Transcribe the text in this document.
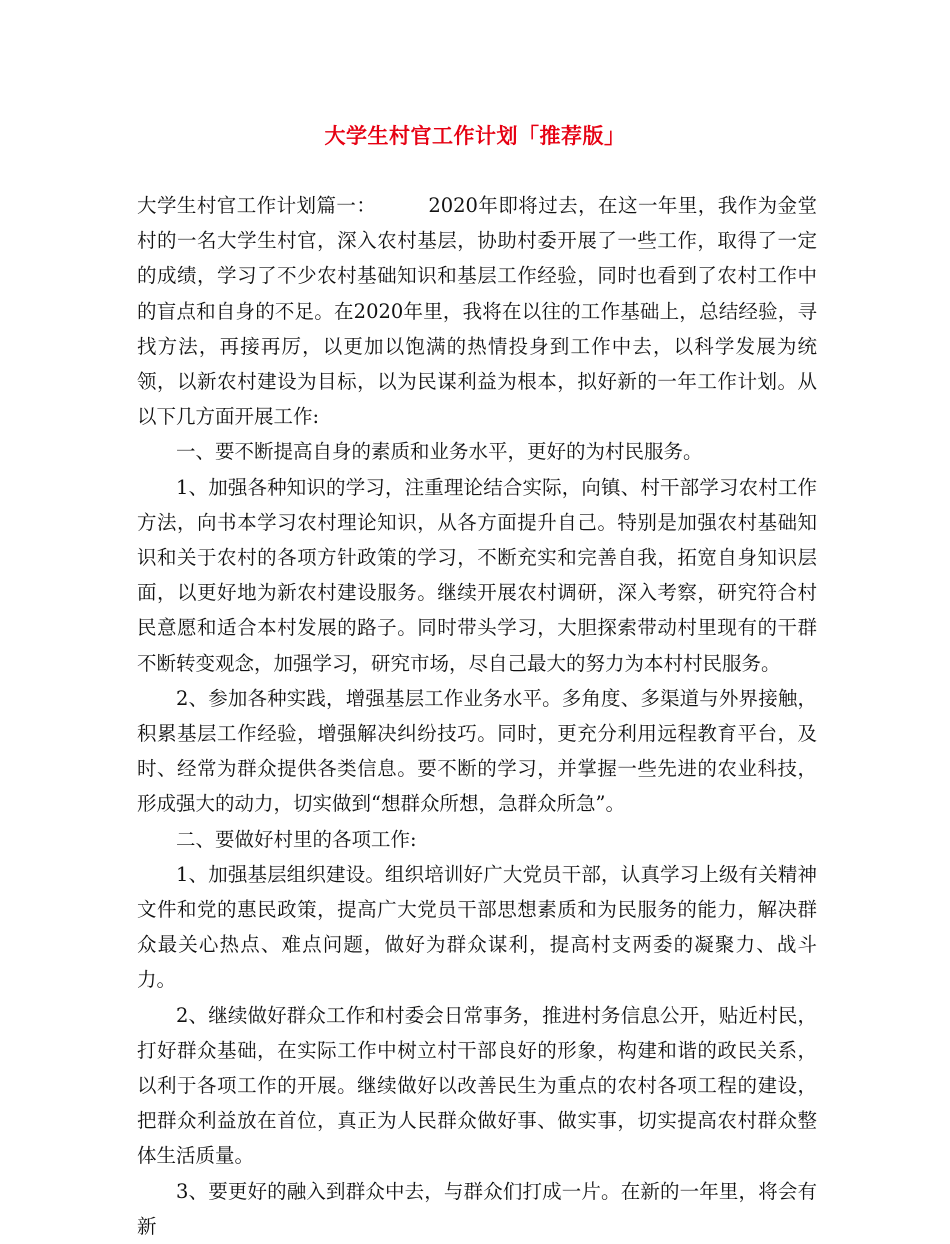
大学生村官工作计划「推荐版」

大学生村官工作计划篇一：	2020年即将过去，在这一年里，我作为金堂村的一名大学生村官，深入农村基层，协助村委开展了一些工作，取得了一定的成绩，学习了不少农村基础知识和基层工作经验，同时也看到了农村工作中的盲点和自身的不足。在2020年里，我将在以往的工作基础上，总结经验，寻找方法，再接再厉，以更加以饱满的热情投身到工作中去，以科学发展为统领，以新农村建设为目标，以为民谋利益为根本，拟好新的一年工作计划。从以下几方面开展工作:

一、要不断提高自身的素质和业务水平，更好的为村民服务。

1、加强各种知识的学习，注重理论结合实际，向镇、村干部学习农村工作方法，向书本学习农村理论知识，从各方面提升自己。特别是加强农村基础知识和关于农村的各项方针政策的学习，不断充实和完善自我，拓宽自身知识层面，以更好地为新农村建设服务。继续开展农村调研，深入考察，研究符合村民意愿和适合本村发展的路子。同时带头学习，大胆探索带动村里现有的干群不断转变观念，加强学习，研究市场，尽自己最大的努力为本村村民服务。

2、参加各种实践，增强基层工作业务水平。多角度、多渠道与外界接触，积累基层工作经验，增强解决纠纷技巧。同时，更充分利用远程教育平台，及时、经常为群众提供各类信息。要不断的学习，并掌握一些先进的农业科技，形成强大的动力，切实做到“想群众所想，急群众所急”。

二、要做好村里的各项工作:

1、加强基层组织建设。组织培训好广大党员干部，认真学习上级有关精神文件和党的惠民政策，提高广大党员干部思想素质和为民服务的能力，解决群众最关心热点、难点问题，做好为群众谋利，提高村支两委的凝聚力、战斗力。

2、继续做好群众工作和村委会日常事务，推进村务信息公开，贴近村民，打好群众基础，在实际工作中树立村干部良好的形象，构建和谐的政民关系，以利于各项工作的开展。继续做好以改善民生为重点的农村各项工程的建设，把群众利益放在首位，真正为人民群众做好事、做实事，切实提高农村群众整体生活质量。

3、要更好的融入到群众中去，与群众们打成一片。在新的一年里，将会有新
